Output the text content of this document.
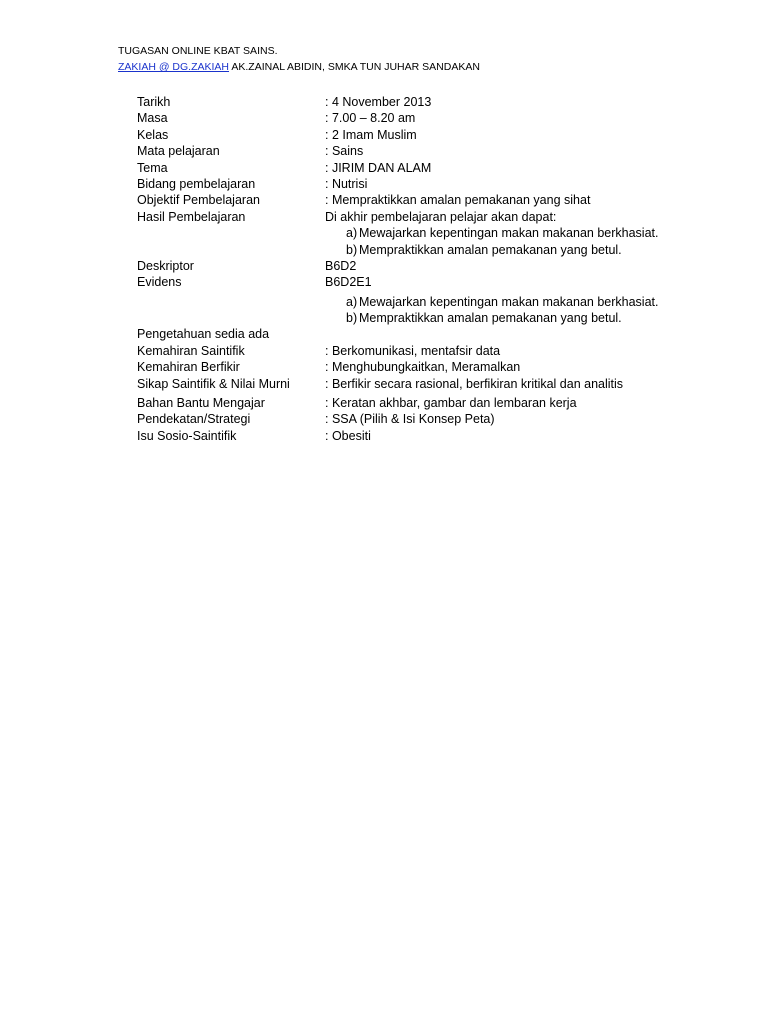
TUGASAN ONLINE KBAT SAINS.
ZAKIAH @ DG.ZAKIAH AK.ZAINAL ABIDIN, SMKA TUN JUHAR SANDAKAN
Tarikh	: 4 November 2013
Masa	: 7.00 – 8.20 am
Kelas	: 2 Imam Muslim
Mata pelajaran	: Sains
Tema	: JIRIM DAN ALAM
Bidang pembelajaran	: Nutrisi
Objektif Pembelajaran	: Mempraktikkan amalan pemakanan yang sihat
Hasil Pembelajaran	Di akhir pembelajaran pelajar akan dapat:
a) Mewajarkan kepentingan makan makanan berkhasiat.
b) Mempraktikkan amalan pemakanan yang betul.
Deskriptor	B6D2
Evidens	B6D2E1
a) Mewajarkan kepentingan makan makanan berkhasiat.
b) Mempraktikkan amalan pemakanan yang betul.
Pengetahuan sedia ada
Kemahiran Saintifik	: Berkomunikasi, mentafsir data
Kemahiran Berfikir	: Menghubungkaitkan, Meramalkan
Sikap Saintifik & Nilai Murni	: Berfikir secara rasional, berfikiran kritikal dan analitis
Bahan Bantu Mengajar	: Keratan akhbar, gambar dan lembaran kerja
Pendekatan/Strategi	: SSA (Pilih & Isi Konsep Peta)
Isu Sosio-Saintifik	: Obesiti
